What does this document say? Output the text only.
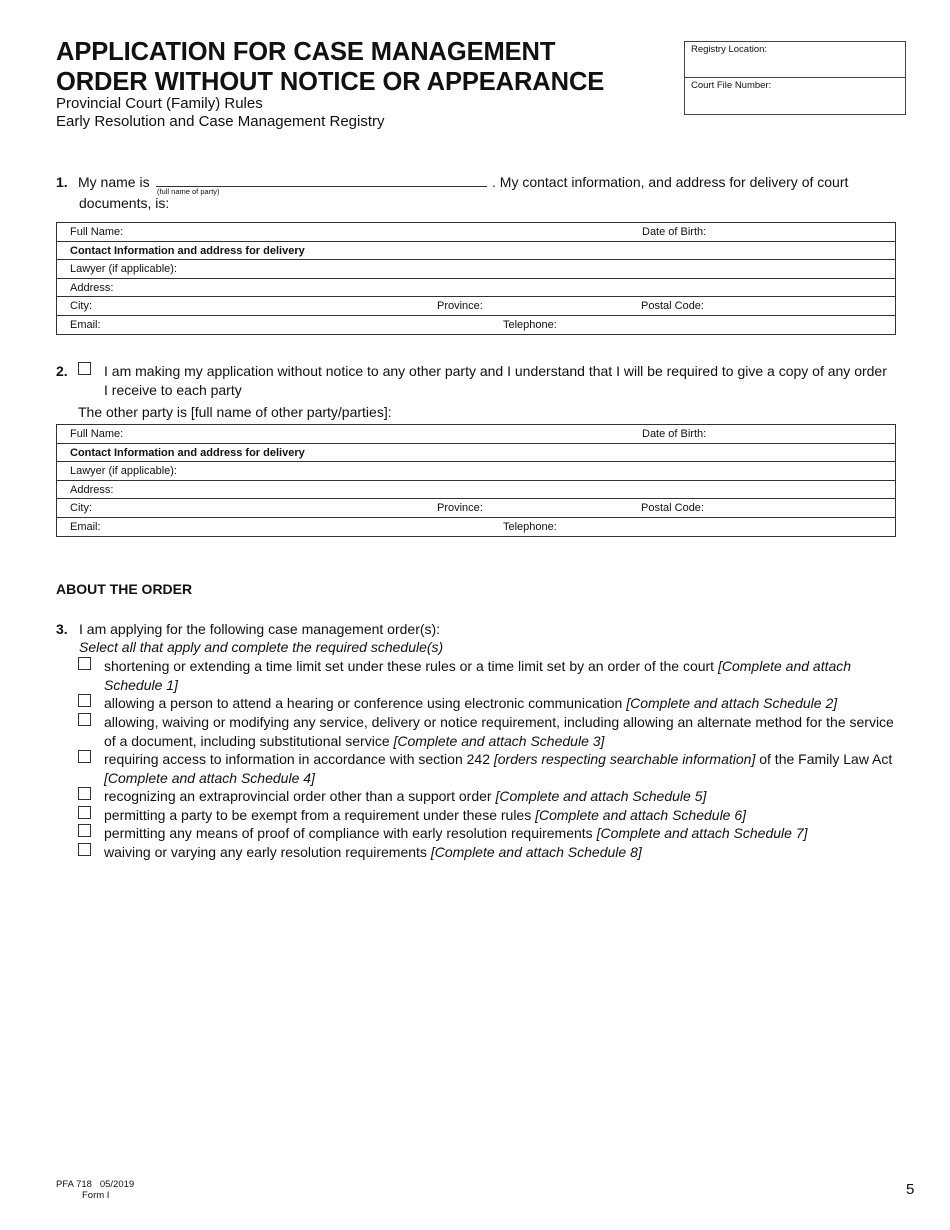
APPLICATION FOR CASE MANAGEMENT
ORDER WITHOUT NOTICE OR APPEARANCE
Provincial Court (Family) Rules
Early Resolution and Case Management Registry
Registry Location:
Court File Number:
1. My name is
(full name of party)
. My contact information, and address for delivery of court
documents, is:
Full Name:	Date of Birth:
Contact Information and address for delivery
Lawyer (if applicable):
Address:
City:	Province:	Postal Code:
Email:	Telephone:
2.	I am making my application without notice to any other party and I understand that I will be required to give a copy of any order
I receive to each party
The other party is [full name of other party/parties]:
Full Name:	Date of Birth:
Contact Information and address for delivery
Lawyer (if applicable):
Address:
City:	Province:	Postal Code:
Email:	Telephone:
ABOUT THE ORDER
3. I am applying for the following case management order(s):
Select all that apply and complete the required schedule(s)
shortening or extending a time limit set under these rules or a time limit set by an order of the court [Complete and attach Schedule 1]
allowing a person to attend a hearing or conference using electronic communication [Complete and attach Schedule 2]
allowing, waiving or modifying any service, delivery or notice requirement, including allowing an alternate method for the service of a document, including substitutional service [Complete and attach Schedule 3]
requiring access to information in accordance with section 242 [orders respecting searchable information] of the Family Law Act [Complete and attach Schedule 4]
recognizing an extraprovincial order other than a support order [Complete and attach Schedule 5]
permitting a party to be exempt from a requirement under these rules [Complete and attach Schedule 6]
permitting any means of proof of compliance with early resolution requirements [Complete and attach Schedule 7]
waiving or varying any early resolution requirements [Complete and attach Schedule 8]
PFA 718   05/2019
Form I	5
